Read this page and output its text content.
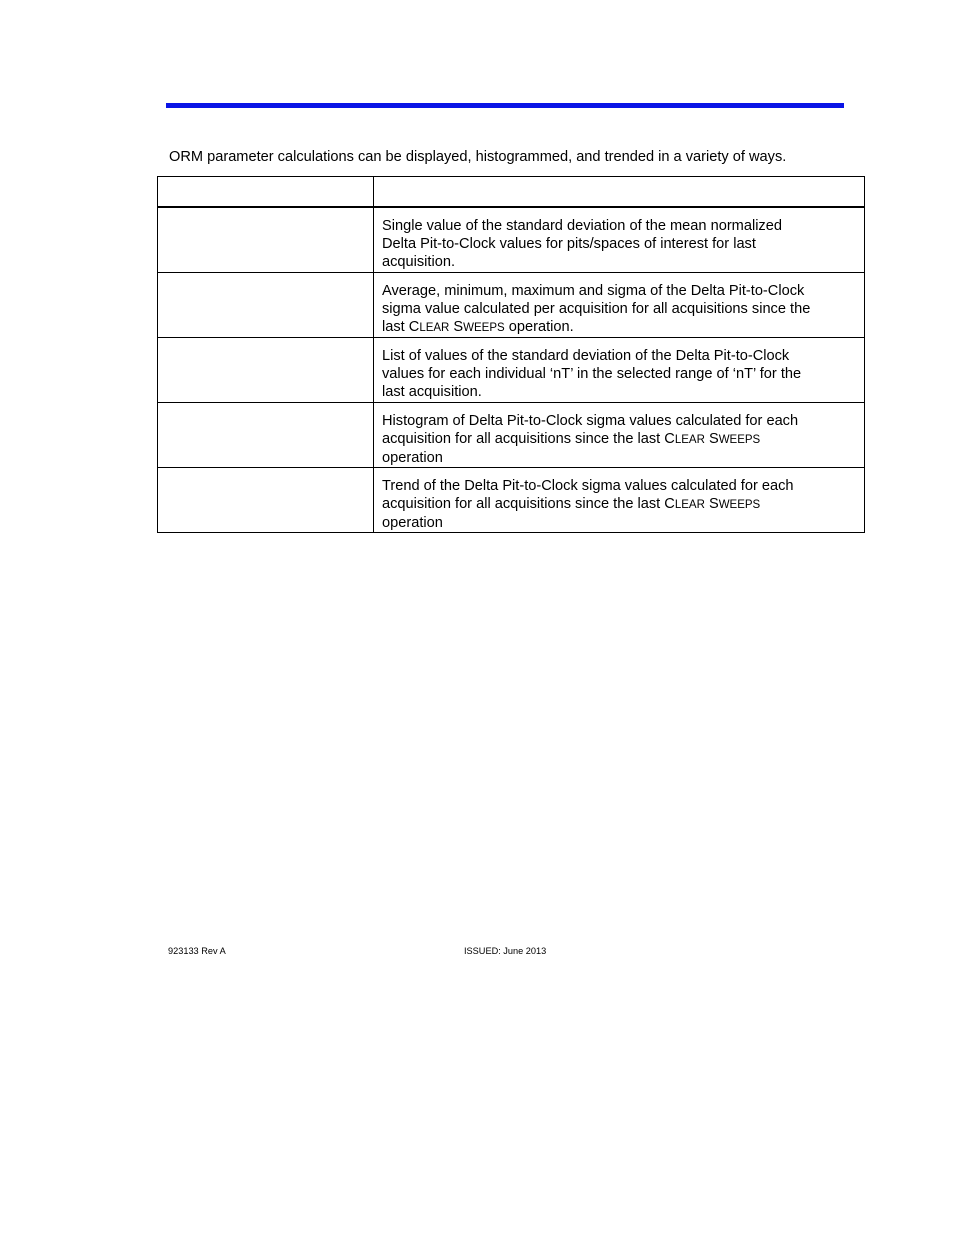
ORM parameter calculations can be displayed, histogrammed, and trended in a variety of ways.

	Single value of the standard deviation of the mean normalized
Delta Pit-to-Clock values for pits/spaces of interest for last
acquisition.
	Average, minimum, maximum and sigma of the Delta Pit-to-Clock
sigma value calculated per acquisition for all acquisitions since the
last CLEAR SWEEPS operation.
	List of values of the standard deviation of the Delta Pit-to-Clock
values for each individual ‘nT’ in the selected range of ‘nT’ for the
last acquisition.
	Histogram of Delta Pit-to-Clock sigma values calculated for each
acquisition for all acquisitions since the last CLEAR SWEEPS
operation
	Trend of the Delta Pit-to-Clock sigma values calculated for each
acquisition for all acquisitions since the last CLEAR SWEEPS
operation
923133 Rev A	ISSUED: June 2013
